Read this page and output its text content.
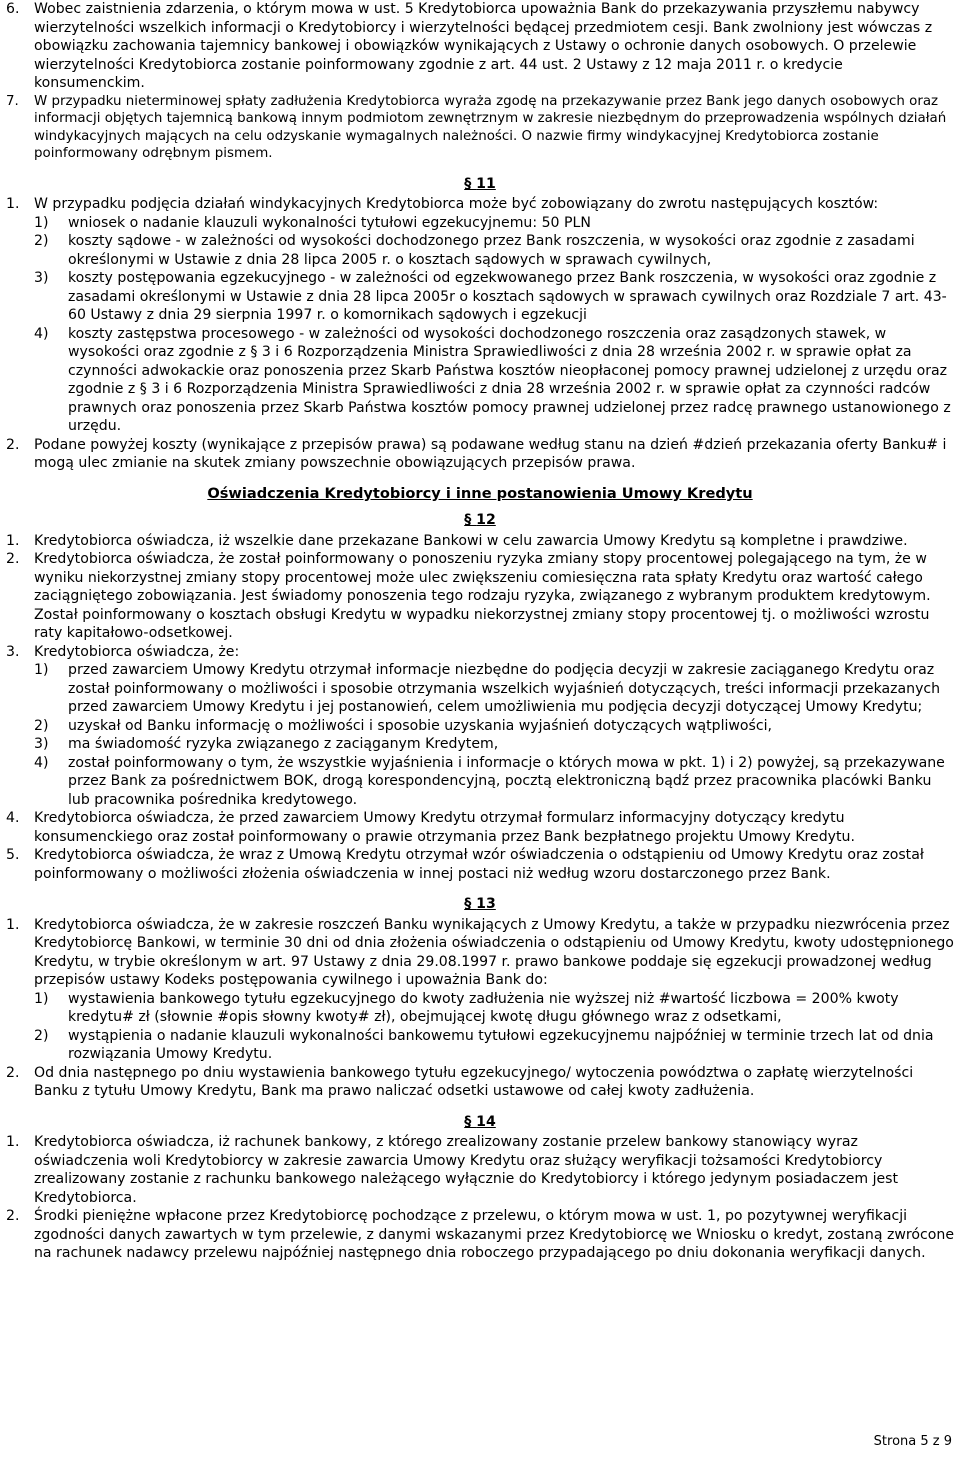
6.	Wobec zaistnienia zdarzenia, o którym mowa w ust. 5 Kredytobiorca upoważnia Bank do przekazywania przyszłemu nabywcy wierzytelności wszelkich informacji o Kredytobiorcy i wierzytelności będącej przedmiotem cesji. Bank zwolniony jest wówczas z obowiązku zachowania tajemnicy bankowej i obowiązków wynikających z Ustawy o ochronie danych osobowych. O przelewie wierzytelności Kredytobiorca zostanie poinformowany zgodnie z art. 44 ust. 2 Ustawy z 12 maja 2011 r. o kredycie konsumenckim.

7.	W przypadku nieterminowej spłaty zadłużenia Kredytobiorca wyraża zgodę na przekazywanie przez Bank jego danych osobowych oraz informacji objętych tajemnicą bankową innym podmiotom zewnętrznym w zakresie niezbędnym do przeprowadzenia wspólnych działań windykacyjnych mających na celu odzyskanie wymagalnych należności. O nazwie firmy windykacyjnej Kredytobiorca zostanie poinformowany odrębnym pismem.

§ 11
1.	W przypadku podjęcia działań windykacyjnych Kredytobiorca może być zobowiązany do zwrotu następujących kosztów:

1)	wniosek o nadanie klauzuli wykonalności tytułowi egzekucyjnemu: 50 PLN
2)	koszty sądowe - w zależności od wysokości dochodzonego przez Bank roszczenia, w wysokości oraz zgodnie z zasadami określonymi w Ustawie z dnia 28 lipca 2005 r. o kosztach sądowych w sprawach cywilnych,
3)	koszty postępowania egzekucyjnego - w zależności od egzekwowanego przez Bank roszczenia, w wysokości oraz zgodnie z zasadami określonymi w Ustawie z dnia 28 lipca 2005r o kosztach sądowych w sprawach cywilnych oraz Rozdziale 7 art. 43-60 Ustawy z dnia 29 sierpnia 1997 r. o komornikach sądowych i egzekucji
4)	koszty zastępstwa procesowego - w zależności od wysokości dochodzonego roszczenia oraz zasądzonych stawek, w wysokości oraz zgodnie z § 3 i 6 Rozporządzenia Ministra Sprawiedliwości z dnia 28 września 2002 r. w sprawie opłat za czynności adwokackie oraz ponoszenia przez Skarb Państwa kosztów nieopłaconej pomocy prawnej udzielonej z urzędu oraz zgodnie z § 3 i 6 Rozporządzenia Ministra Sprawiedliwości z dnia 28 września 2002 r. w sprawie opłat za czynności radców prawnych oraz ponoszenia przez Skarb Państwa kosztów pomocy prawnej udzielonej przez radcę prawnego ustanowionego z urzędu.
2.	Podane powyżej koszty (wynikające z przepisów prawa) są podawane według stanu na dzień #dzień przekazania oferty Banku# i mogą ulec zmianie na skutek zmiany powszechnie obowiązujących przepisów prawa.

Oświadczenia Kredytobiorcy i inne postanowienia Umowy Kredytu
§ 12
1.	Kredytobiorca oświadcza, iż wszelkie dane przekazane Bankowi w celu zawarcia Umowy Kredytu są kompletne i prawdziwe.

2.	Kredytobiorca oświadcza, że został poinformowany o ponoszeniu ryzyka zmiany stopy procentowej polegającego na tym, że w wyniku niekorzystnej zmiany stopy procentowej może ulec zwiększeniu comiesięczna rata spłaty Kredytu oraz wartość całego zaciągniętego zobowiązania. Jest świadomy ponoszenia tego rodzaju ryzyka, związanego z wybranym produktem kredytowym. Został poinformowany o kosztach obsługi Kredytu w wypadku niekorzystnej zmiany stopy procentowej tj. o możliwości wzrostu raty kapitałowo-odsetkowej.

3.	Kredytobiorca oświadcza, że:

1)	przed zawarciem Umowy Kredytu otrzymał informacje niezbędne do podjęcia decyzji w zakresie zaciąganego Kredytu oraz został poinformowany o możliwości i sposobie otrzymania wszelkich wyjaśnień dotyczących, treści informacji przekazanych przed zawarciem Umowy Kredytu i jej postanowień, celem umożliwienia mu podjęcia decyzji dotyczącej Umowy Kredytu;
2)	uzyskał od Banku informację o możliwości i sposobie uzyskania wyjaśnień dotyczących wątpliwości,
3)	ma świadomość ryzyka związanego z zaciąganym Kredytem,
4)	został poinformowany o tym, że wszystkie wyjaśnienia i informacje o których mowa w pkt. 1) i 2) powyżej, są przekazywane przez Bank za pośrednictwem BOK, drogą korespondencyjną, pocztą elektroniczną bądź przez pracownika placówki Banku lub pracownika pośrednika kredytowego.
4.	Kredytobiorca oświadcza, że przed zawarciem Umowy Kredytu otrzymał formularz informacyjny dotyczący kredytu konsumenckiego oraz został poinformowany o prawie otrzymania przez Bank bezpłatnego projektu Umowy Kredytu.

5.	Kredytobiorca oświadcza, że wraz z Umową Kredytu otrzymał wzór oświadczenia o odstąpieniu od Umowy Kredytu oraz został poinformowany o możliwości złożenia oświadczenia w innej postaci niż według wzoru dostarczonego przez Bank.

§ 13
1.	Kredytobiorca oświadcza, że w zakresie roszczeń Banku wynikających z Umowy Kredytu, a także w przypadku niezwrócenia przez Kredytobiorcę Bankowi, w terminie 30 dni od dnia złożenia oświadczenia o odstąpieniu od Umowy Kredytu, kwoty udostępnionego Kredytu, w trybie określonym w art. 97 Ustawy z dnia 29.08.1997 r. prawo bankowe poddaje się egzekucji prowadzonej według przepisów ustawy Kodeks postępowania cywilnego i upoważnia Bank do:

1)	wystawienia bankowego tytułu egzekucyjnego do kwoty zadłużenia nie wyższej niż #wartość liczbowa = 200% kwoty kredytu# zł (słownie #opis słowny kwoty# zł), obejmującej kwotę długu głównego wraz z odsetkami,
2)	wystąpienia o nadanie klauzuli wykonalności bankowemu tytułowi egzekucyjnemu najpóźniej w terminie trzech lat od dnia rozwiązania Umowy Kredytu.
2.	Od dnia następnego po dniu wystawienia bankowego tytułu egzekucyjnego/ wytoczenia powództwa o zapłatę wierzytelności Banku z tytułu Umowy Kredytu, Bank ma prawo naliczać odsetki ustawowe od całej kwoty zadłużenia.

§ 14
1.	Kredytobiorca oświadcza, iż rachunek bankowy, z którego zrealizowany zostanie przelew bankowy stanowiący wyraz oświadczenia woli Kredytobiorcy w zakresie zawarcia Umowy Kredytu oraz służący weryfikacji tożsamości Kredytobiorcy zrealizowany zostanie z rachunku bankowego należącego wyłącznie do Kredytobiorcy i którego jedynym posiadaczem jest Kredytobiorca.

2.	Środki pieniężne wpłacone przez Kredytobiorcę pochodzące z przelewu, o którym mowa w ust. 1, po pozytywnej weryfikacji zgodności danych zawartych w tym przelewie, z danymi wskazanymi przez Kredytobiorcę we Wniosku o kredyt, zostaną zwrócone na rachunek nadawcy przelewu najpóźniej następnego dnia roboczego przypadającego po dniu dokonania weryfikacji danych.

Strona 5 z 9
